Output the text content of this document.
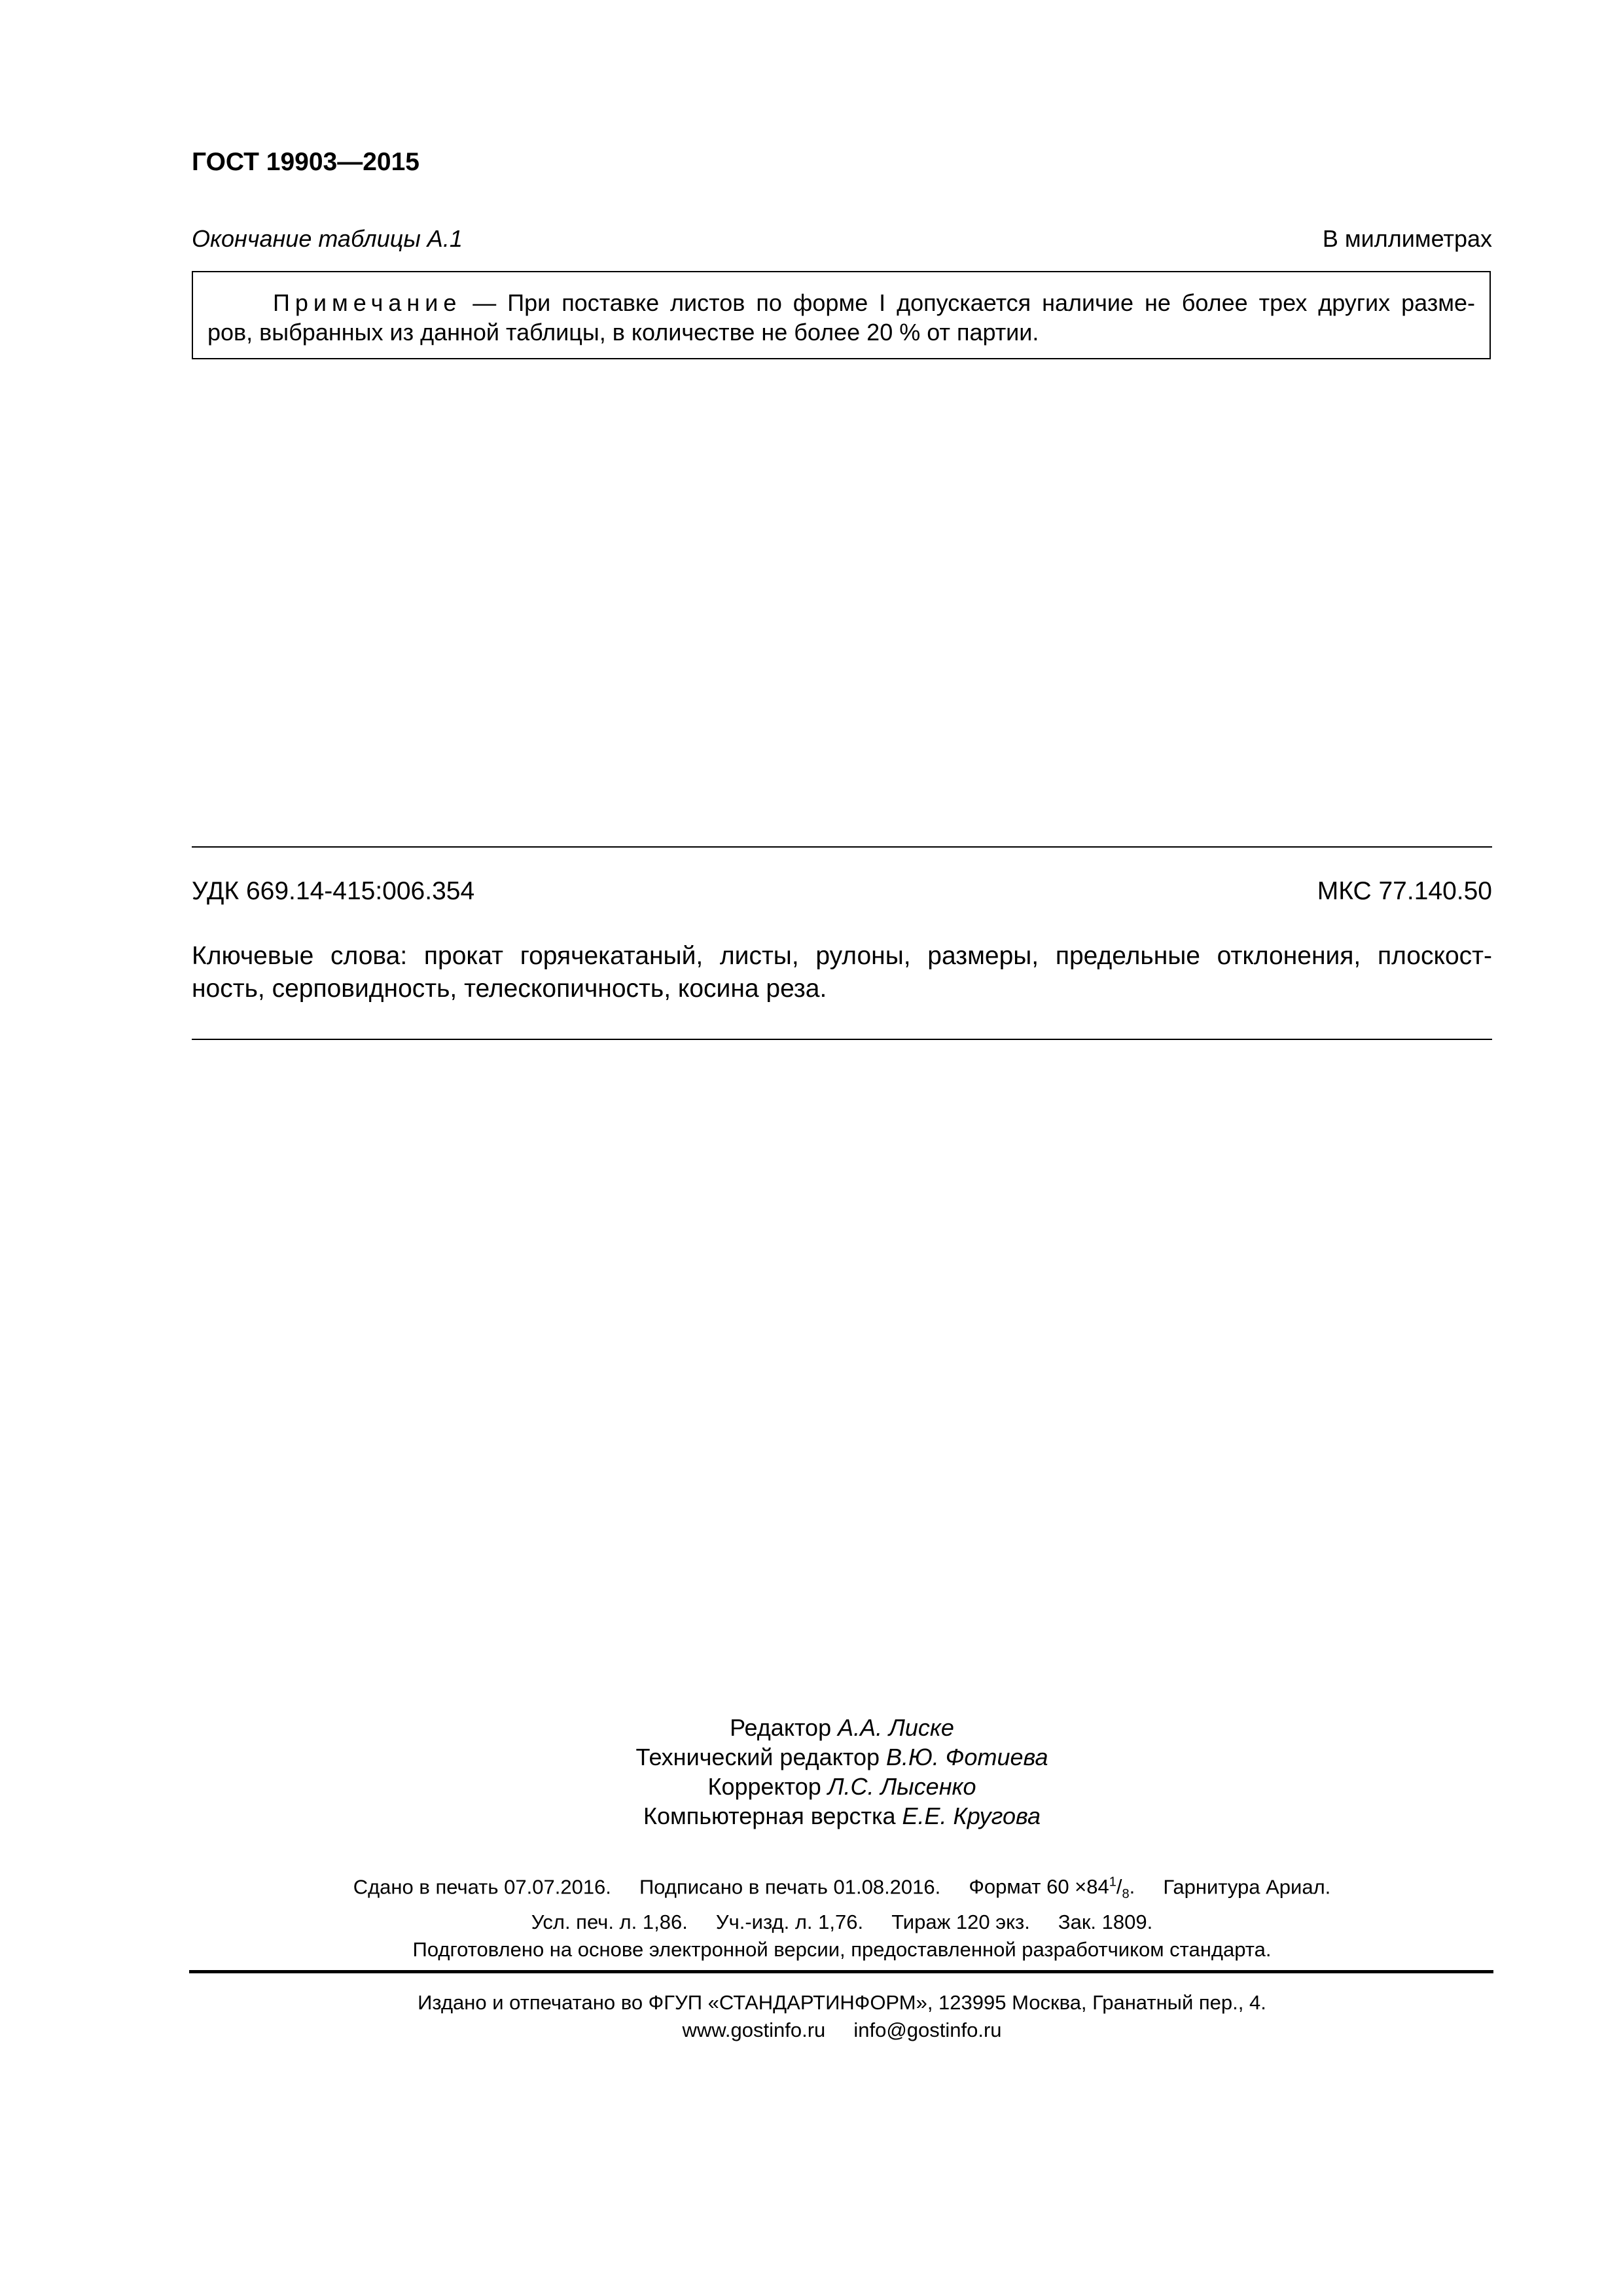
ГОСТ 19903—2015
Окончание таблицы А.1	В миллиметрах
Примечание — При поставке листов по форме I допускается наличие не более трех других разме-
ров, выбранных из данной таблицы, в количестве не более 20 % от партии.
УДК 669.14-415:006.354	МКС 77.140.50
Ключевые слова: прокат горячекатаный, листы, рулоны, размеры, предельные отклонения, плоскост-
ность, серповидность, телескопичность, косина реза.
Редактор А.А. Лиске
Технический редактор В.Ю. Фотиева
Корректор Л.С. Лысенко
Компьютерная верстка Е.Е. Кругова
Сдано в печать 07.07.2016. Подписано в печать 01.08.2016. Формат $60 \times 84^1/_8$. Гарнитура Ариал.
Усл. печ. л. 1,86. Уч.-изд. л. 1,76. Тираж 120 экз. Зак. 1809.
Подготовлено на основе электронной версии, предоставленной разработчиком стандарта.
Издано и отпечатано во ФГУП «СТАНДАРТИНФОРМ», 123995 Москва, Гранатный пер., 4.
www.gostinfo.ru info@gostinfo.ru
